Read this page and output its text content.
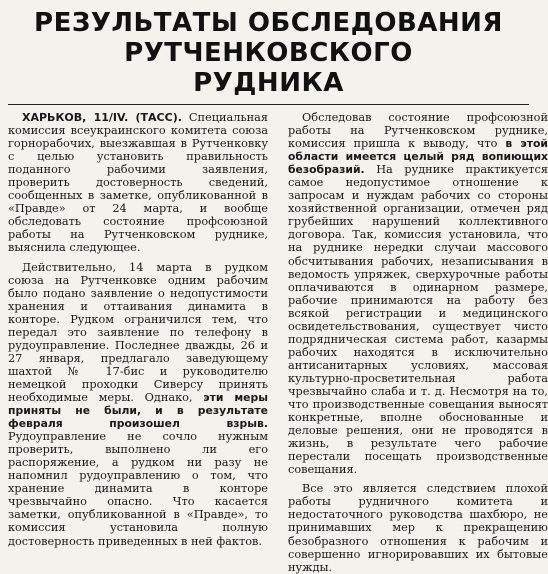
РЕЗУЛЬТАТЫ ОБСЛЕДОВАНИЯ РУТЧЕНКОВСКОГО
РУДНИКА

ХАРЬКОВ, 11/IV. (ТАСС). Специальная комиссия всеукраинского комитета союза горнорабочих, выезжавшая в Рутченковку с целью установить правильность поданного рабочими заявления, проверить достоверность сведений, сообщенных в заметке, опубликованной в «Правде» от 24 марта, и вообще обследовать состояние профсоюзной работы на Рутченковском руднике, выяснила следующее.

Действительно, 14 марта в рудком союза на Рутченковке одним рабочим было подано заявление о недопустимости хранения и оттаивания динамита в конторе. Рудком ограничился тем, что передал это заявление по телефону в рудоуправление. Последнее дважды, 26 и 27 января, предлагало заведующему шахтой № 17-бис и руководителю немецкой проходки Сиверсу принять необходимые меры. Однако, эти меры приняты не были, и в результате февраля произошел взрыв. Рудоуправление не сочло нужным проверить, выполнено ли его распоряжение, а рудком ни разу не напомнил рудоуправлению о том, что хранение динамита в конторе чрезвычайно опасно. Что касается заметки, опубликованной в «Правде», то комиссия установила полную достоверность приведенных в ней фактов.

Обследовав состояние профсоюзной работы на Рутченковском руднике, комиссия пришла к выводу, что в этой области имеется целый ряд вопиющих безобразий. На руднике практикуется самое недопустимое отношение к запросам и нуждам рабочих со стороны хозяйственной организации, отмечен ряд грубейших нарушений коллективного договора. Так, комиссия установила, что на руднике нередки случаи массового обсчитывания рабочих, незаписывания в ведомость упряжек, сверхурочные работы оплачиваются в одинарном размере, рабочие принимаются на работу без всякой регистрации и медицинского освидетельствования, существует чисто подрядническая система работ, казармы рабочих находятся в исключительно антисанитарных условиях, массовая культурно-просветительная работа чрезвычайно слаба и т. д. Несмотря на то, что производственные совещания выносят конкретные, вполне обоснованные и деловые решения, они не проводятся в жизнь, в результате чего рабочие перестали посещать производственные совещания.

Все это является следствием плохой работы рудничного комитета и недостаточного руководства шахбюро, не принимавших мер к прекращению безобразного отношения к рабочим и совершенно игнорировавших их бытовые нужды.
